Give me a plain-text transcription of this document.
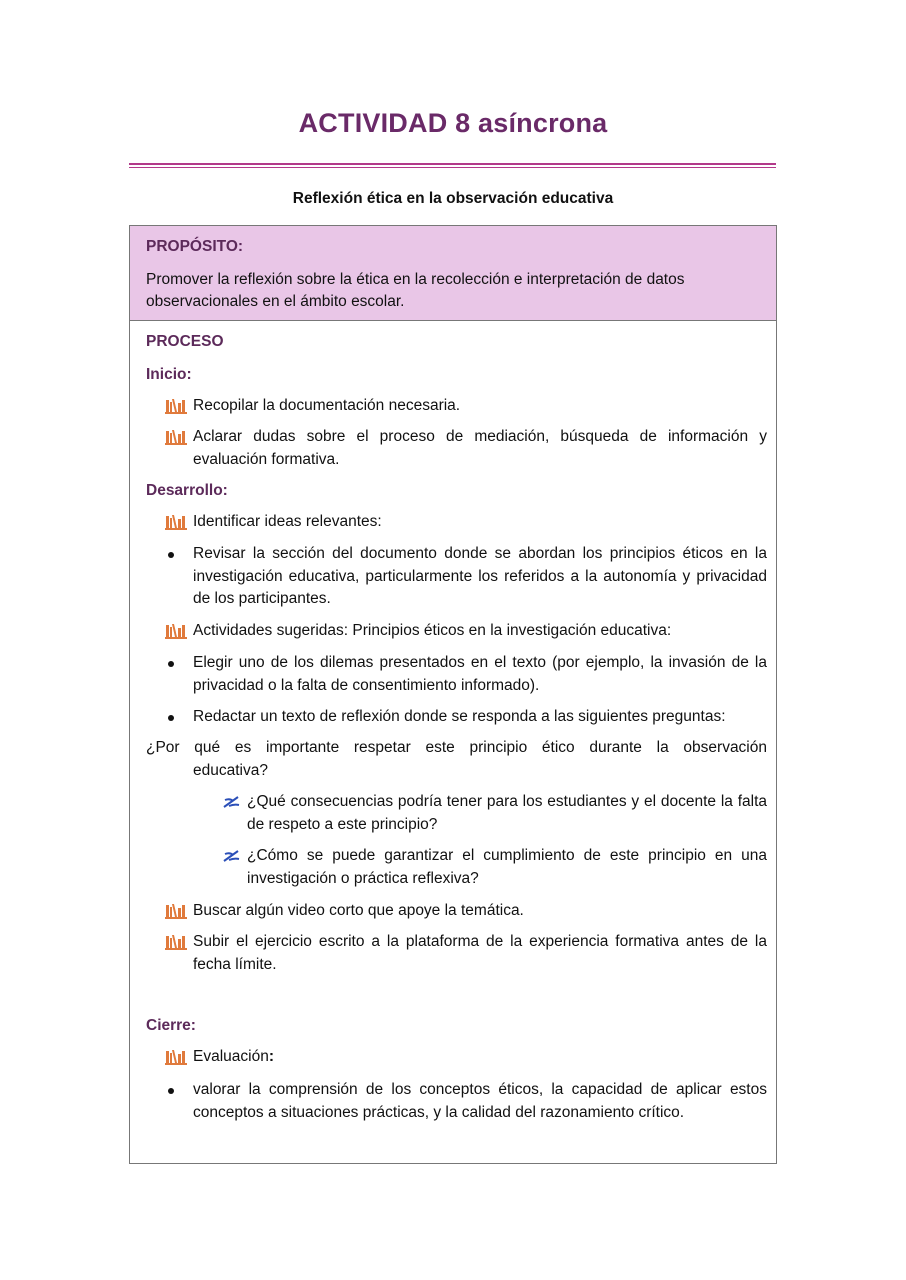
ACTIVIDAD 8 asíncrona
Reflexión ética en la observación educativa
PROPÓSITO:
Promover la reflexión sobre la ética en la recolección e interpretación de datos observacionales en el ámbito escolar.
PROCESO
Inicio:
Recopilar la documentación necesaria.
Aclarar dudas sobre el proceso de mediación, búsqueda de información y evaluación formativa.
Desarrollo:
Identificar ideas relevantes:
Revisar la sección del documento donde se abordan los principios éticos en la investigación educativa, particularmente los referidos a la autonomía y privacidad de los participantes.
Actividades sugeridas: Principios éticos en la investigación educativa:
Elegir uno de los dilemas presentados en el texto (por ejemplo, la invasión de la privacidad o la falta de consentimiento informado).
Redactar un texto de reflexión donde se responda a las siguientes preguntas:
¿Por qué es importante respetar este principio ético durante la observación
educativa?
¿Qué consecuencias podría tener para los estudiantes y el docente la falta de respeto a este principio?
¿Cómo se puede garantizar el cumplimiento de este principio en una investigación o práctica reflexiva?
Buscar algún video corto que apoye la temática.
Subir el ejercicio escrito a la plataforma de la experiencia formativa antes de la fecha límite.
Cierre:
Evaluación:
valorar la comprensión de los conceptos éticos, la capacidad de aplicar estos conceptos a situaciones prácticas, y la calidad del razonamiento crítico.
